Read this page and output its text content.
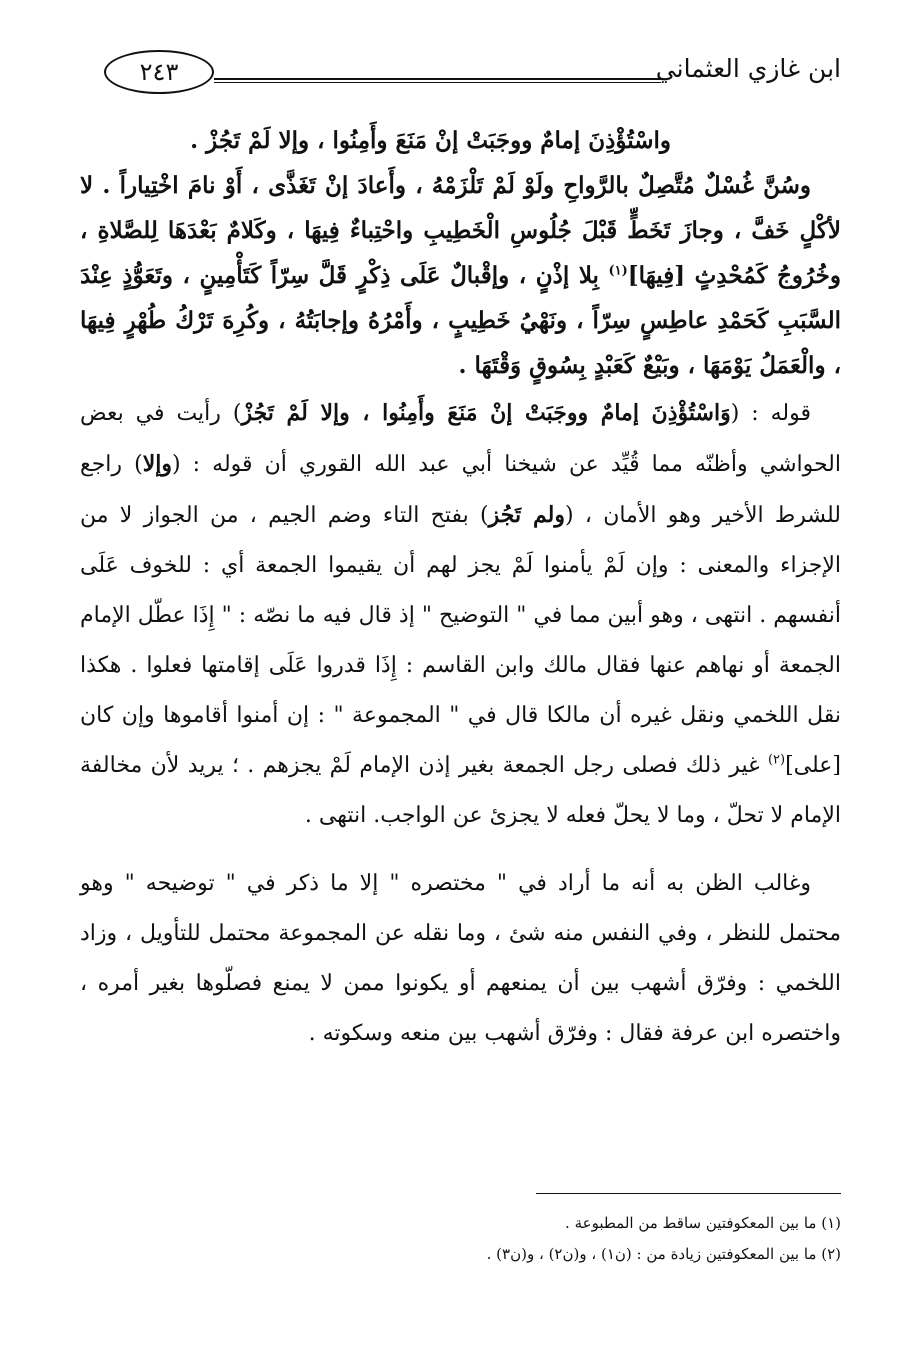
٢٤٣	ابن غازي العثماني

واسْتُؤْذِنَ إمامٌ ووجَبَتْ إنْ مَنَعَ وأَمِنُوا ، وإلا لَمْ تَجُزْ .

وسُنَّ غُسْلٌ مُتَّصِلٌ بالرَّواحِ ولَوْ لَمْ تَلْزَمْهُ ، وأَعادَ إنْ تَغَذَّى ، أَوْ نامَ اخْتِياراً . لا لأكْلٍ خَفَّ ، وجازَ تَخَطٍّ قَبْلَ جُلُوسِ الْخَطِيبِ واحْتِباءٌ فِيهَا ، وكَلامٌ بَعْدَهَا لِلصَّلاةِ ، وخُرُوجُ كَمُحْدِثٍ [فِيهَا]$^{(١)}$ بِلا إذْنٍ ، وإقْبالٌ عَلَى ذِكْرٍ قَلَّ سِرّاً كَتَأْمِينٍ ، وتَعَوُّذٍ عِنْدَ السَّبَبِ كَحَمْدِ عاطِسٍ سِرّاً ، ونَهْيُ خَطِيبٍ ، وأَمْرُهُ وإجابَتُهُ ، وكُرِهَ تَرْكُ طُهْرٍ فِيهَا ، والْعَمَلُ يَوْمَهَا ، وبَيْعٌ كَعَبْدٍ بِسُوقٍ وَقْتَهَا .

قوله : (وَاسْتُؤْذِنَ إمامٌ ووجَبَتْ إنْ مَنَعَ وأَمِنُوا ، وإلا لَمْ تَجُزْ) رأيت في بعض الحواشي وأظنّه مما قُيِّد عن شيخنا أبي عبد الله القوري أن قوله : (وإلا) راجع للشرط الأخير وهو الأمان ، (ولم تَجُز) بفتح التاء وضم الجيم ، من الجواز لا من الإجزاء والمعنى : وإن لَمْ يأمنوا لَمْ يجز لهم أن يقيموا الجمعة أي : للخوف عَلَى أنفسهم . انتهى ، وهو أبين مما في " التوضيح " إذ قال فيه ما نصّه : " إِذَا عطّل الإمام الجمعة أو نهاهم عنها فقال مالك وابن القاسم : إِذَا قدروا عَلَى إقامتها فعلوا . هكذا نقل اللخمي ونقل غيره أن مالكا قال في " المجموعة " : إن أمنوا أقاموها وإن كان [على]$^{(٢)}$ غير ذلك فصلى رجل الجمعة بغير إذن الإمام لَمْ يجزهم . ؛ يريد لأن مخالفة الإمام لا تحلّ ، وما لا يحلّ فعله لا يجزئ عن الواجب. انتهى .

وغالب الظن به أنه ما أراد في " مختصره " إلا ما ذكر في " توضيحه " وهو محتمل للنظر ، وفي النفس منه شئ ، وما نقله عن المجموعة محتمل للتأويل ، وزاد اللخمي : وفرّق أشهب بين أن يمنعهم أو يكونوا ممن لا يمنع فصلّوها بغير أمره ، واختصره ابن عرفة فقال : وفرّق أشهب بين منعه وسكوته .

(١) ما بين المعكوفتين ساقط من المطبوعة .

(٢) ما بين المعكوفتين زيادة من : (ن١) ، و(ن٢) ، و(ن٣) .
